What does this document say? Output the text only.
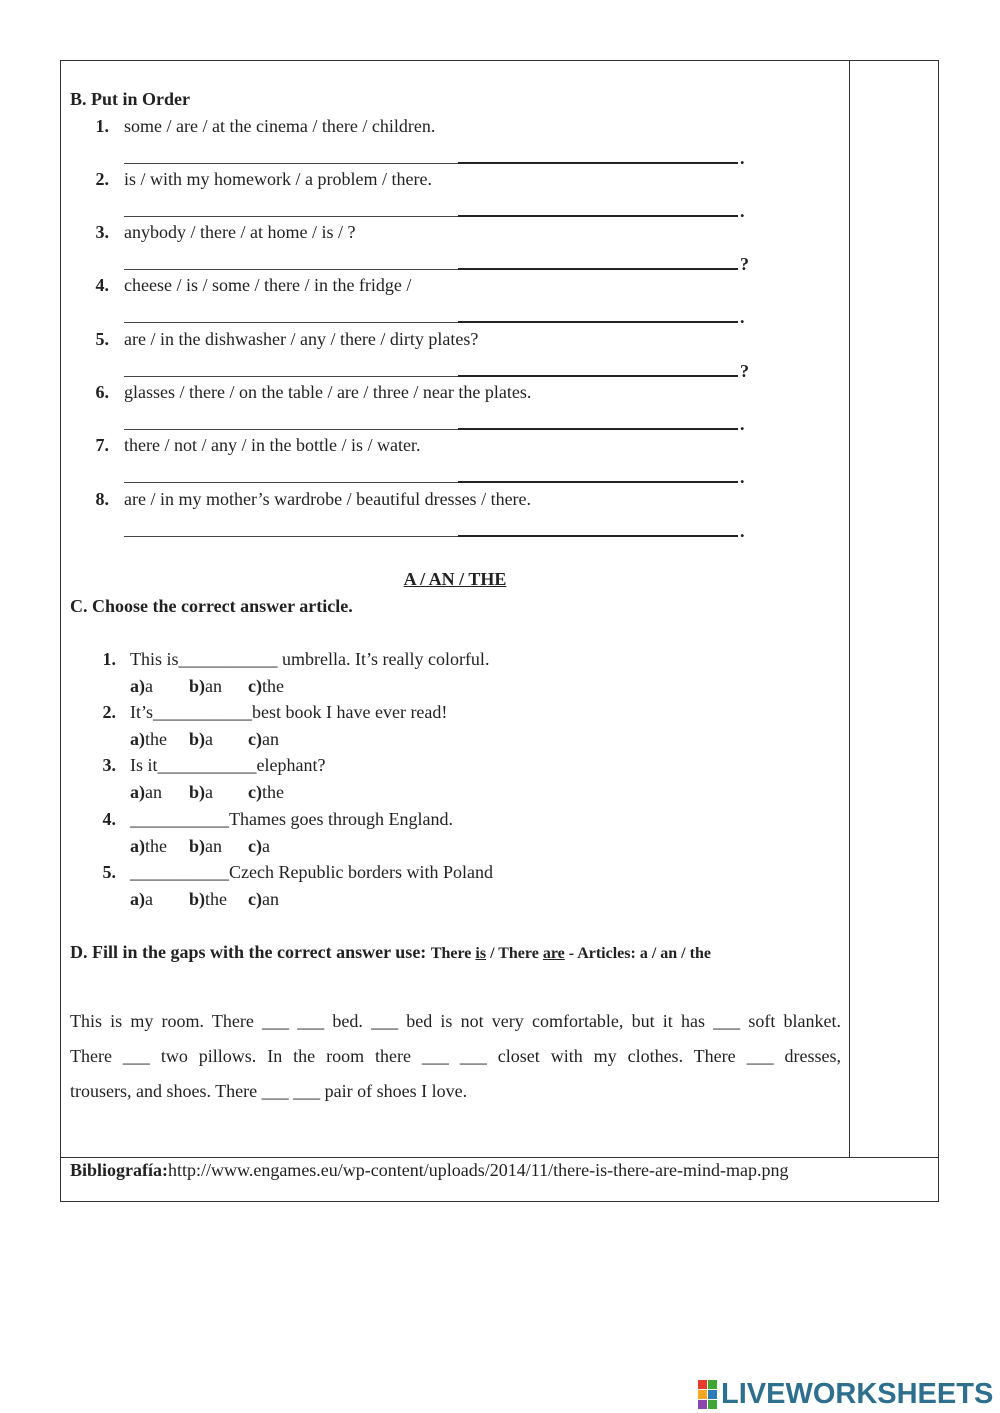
B. Put in Order
1. some / are / at the cinema / there / children.
.
2. is / with my homework / a problem / there.
.
3. anybody / there / at home / is / ?
?
4. cheese / is / some / there / in the fridge /
.
5. are / in the dishwasher / any / there / dirty plates?
?
6. glasses / there / on the table / are / three / near the plates.
.
7. there / not / any / in the bottle / is / water.
.
8. are / in my mother’s wardrobe / beautiful dresses / there.
.
A / AN / THE
C. Choose the correct answer article.
1. This is___________ umbrella. It’s really colorful.
a)a b)an c)the
2. It’s___________best book I have ever read!
a)the b)a c)an
3. Is it___________elephant?
a)an b)a c)the
4. ___________Thames goes through England.
a)the b)an c)a
5. ___________Czech Republic borders with Poland
a)a b)the c)an
D. Fill in the gaps with the correct answer use: There is / There are - Articles: a / an / the
This is my room. There ___ ___ bed. ___ bed is not very comfortable, but it has ___ soft blanket.
There ___ two pillows. In the room there ___ ___ closet with my clothes. There ___ dresses,
trousers, and shoes. There ___ ___ pair of shoes I love.
Bibliografía:http://www.engames.eu/wp-content/uploads/2014/11/there-is-there-are-mind-map.png
LIVEWORKSHEETS
